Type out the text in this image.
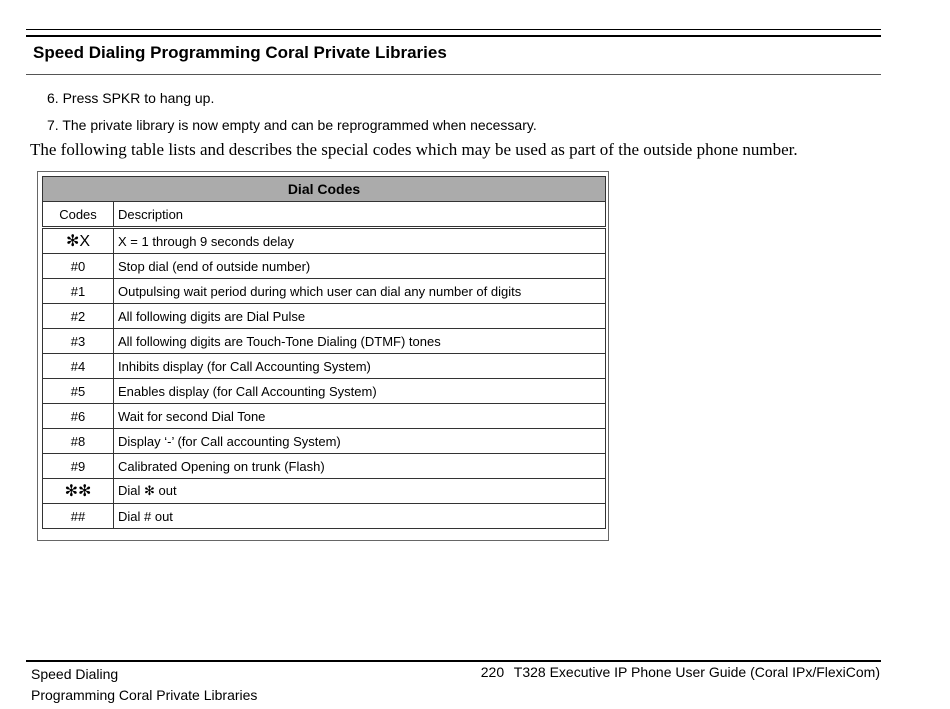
Speed Dialing Programming Coral Private Libraries
6. Press SPKR to hang up.
7. The private library is now empty and can be reprogrammed when necessary.
The following table lists and describes the special codes which may be used as part of the outside phone number.
Dial Codes	
Codes	Description
✻X	X = 1 through 9 seconds delay
#0	Stop dial (end of outside number)
#1	Outpulsing wait period during which user can dial any number of digits
#2	All following digits are Dial Pulse
#3	All following digits are Touch-Tone Dialing (DTMF) tones
#4	Inhibits display (for Call Accounting System)
#5	Enables display (for Call Accounting System)
#6	Wait for second Dial Tone
#8	Display ‘-’ (for Call accounting System)
#9	Calibrated Opening on trunk (Flash)
✻✻	Dial ✻ out
##	Dial # out
Speed Dialing
Programming Coral Private Libraries
220 T328 Executive IP Phone User Guide (Coral IPx/FlexiCom)
